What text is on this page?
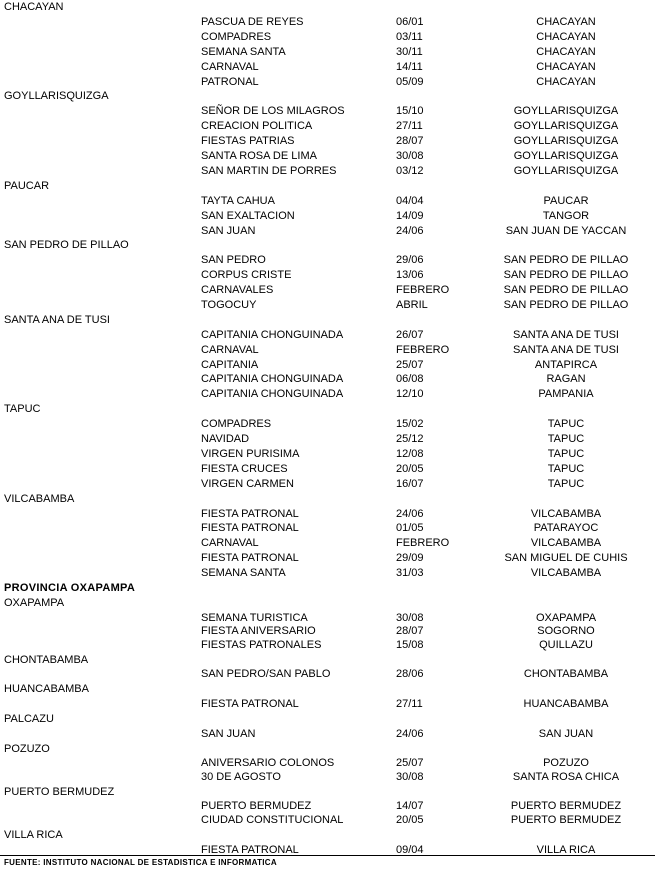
CHACAYAN
PASCUA DE REYES	06/01	CHACAYAN
COMPADRES	03/11	CHACAYAN
SEMANA SANTA	30/11	CHACAYAN
CARNAVAL	14/11	CHACAYAN
PATRONAL	05/09	CHACAYAN
GOYLLARISQUIZGA
SEÑOR DE LOS MILAGROS	15/10	GOYLLARISQUIZGA
CREACION POLITICA	27/11	GOYLLARISQUIZGA
FIESTAS PATRIAS	28/07	GOYLLARISQUIZGA
SANTA ROSA DE LIMA	30/08	GOYLLARISQUIZGA
SAN MARTIN DE PORRES	03/12	GOYLLARISQUIZGA
PAUCAR
TAYTA CAHUA	04/04	PAUCAR
SAN EXALTACION	14/09	TANGOR
SAN JUAN	24/06	SAN JUAN DE YACCAN
SAN PEDRO DE PILLAO
SAN PEDRO	29/06	SAN PEDRO DE PILLAO
CORPUS CRISTE	13/06	SAN PEDRO DE PILLAO
CARNAVALES	FEBRERO	SAN PEDRO DE PILLAO
TOGOCUY	ABRIL	SAN PEDRO DE PILLAO
SANTA ANA DE TUSI
CAPITANIA CHONGUINADA	26/07	SANTA ANA DE TUSI
CARNAVAL	FEBRERO	SANTA ANA DE TUSI
CAPITANIA	25/07	ANTAPIRCA
CAPITANIA CHONGUINADA	06/08	RAGAN
CAPITANIA CHONGUINADA	12/10	PAMPANIA
TAPUC
COMPADRES	15/02	TAPUC
NAVIDAD	25/12	TAPUC
VIRGEN PURISIMA	12/08	TAPUC
FIESTA CRUCES	20/05	TAPUC
VIRGEN CARMEN	16/07	TAPUC
VILCABAMBA
FIESTA PATRONAL	24/06	VILCABAMBA
FIESTA PATRONAL	01/05	PATARAYOC
CARNAVAL	FEBRERO	VILCABAMBA
FIESTA PATRONAL	29/09	SAN MIGUEL DE CUHIS
SEMANA SANTA	31/03	VILCABAMBA
PROVINCIA OXAPAMPA
OXAPAMPA
SEMANA TURISTICA	30/08	OXAPAMPA
FIESTA ANIVERSARIO	28/07	SOGORNO
FIESTAS PATRONALES	15/08	QUILLAZU
CHONTABAMBA
SAN PEDRO/SAN PABLO	28/06	CHONTABAMBA
HUANCABAMBA
FIESTA PATRONAL	27/11	HUANCABAMBA
PALCAZU
SAN JUAN	24/06	SAN JUAN
POZUZO
ANIVERSARIO COLONOS	25/07	POZUZO
30 DE AGOSTO	30/08	SANTA ROSA CHICA
PUERTO BERMUDEZ
PUERTO BERMUDEZ	14/07	PUERTO BERMUDEZ
CIUDAD CONSTITUCIONAL	20/05	PUERTO BERMUDEZ
VILLA RICA
FIESTA PATRONAL	09/04	VILLA RICA
FUENTE: INSTITUTO NACIONAL DE ESTADISTICA E INFORMATICA
